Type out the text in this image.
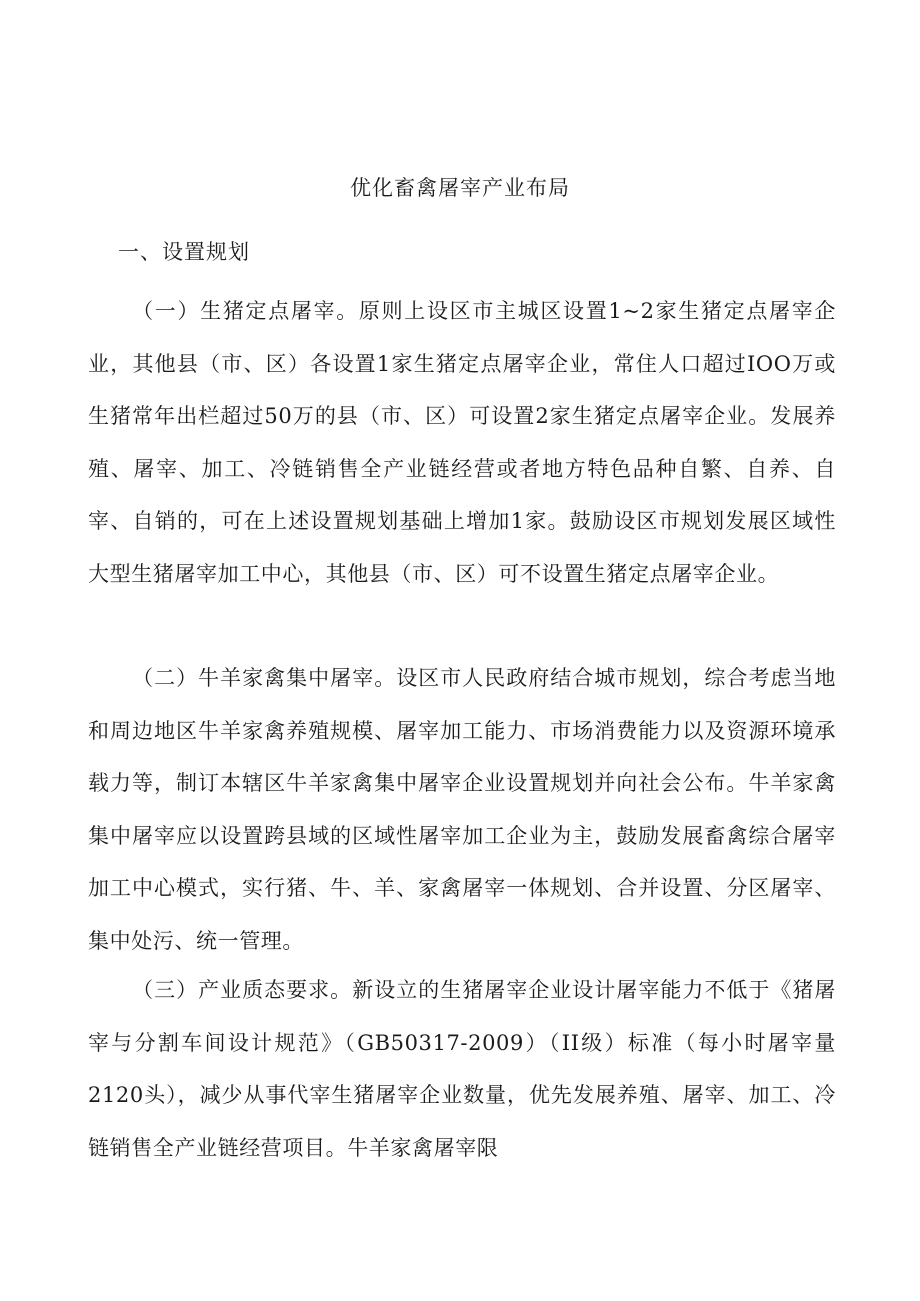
优化畜禽屠宰产业布局
一、设置规划

（一）生猪定点屠宰。原则上设区市主城区设置1~2家生猪定点屠宰企业，其他县（市、区）各设置1家生猪定点屠宰企业，常住人口超过IOO万或生猪常年出栏超过50万的县（市、区）可设置2家生猪定点屠宰企业。发展养殖、屠宰、加工、冷链销售全产业链经营或者地方特色品种自繁、自养、自宰、自销的，可在上述设置规划基础上增加1家。鼓励设区市规划发展区域性大型生猪屠宰加工中心，其他县（市、区）可不设置生猪定点屠宰企业。

（二）牛羊家禽集中屠宰。设区市人民政府结合城市规划，综合考虑当地和周边地区牛羊家禽养殖规模、屠宰加工能力、市场消费能力以及资源环境承载力等，制订本辖区牛羊家禽集中屠宰企业设置规划并向社会公布。牛羊家禽集中屠宰应以设置跨县域的区域性屠宰加工企业为主，鼓励发展畜禽综合屠宰加工中心模式，实行猪、牛、羊、家禽屠宰一体规划、合并设置、分区屠宰、集中处污、统一管理。

（三）产业质态要求。新设立的生猪屠宰企业设计屠宰能力不低于《猪屠宰与分割车间设计规范》（GB50317-2009）（II级）标准（每小时屠宰量2120头），减少从事代宰生猪屠宰企业数量，优先发展养殖、屠宰、加工、冷链销售全产业链经营项目。牛羊家禽屠宰限
